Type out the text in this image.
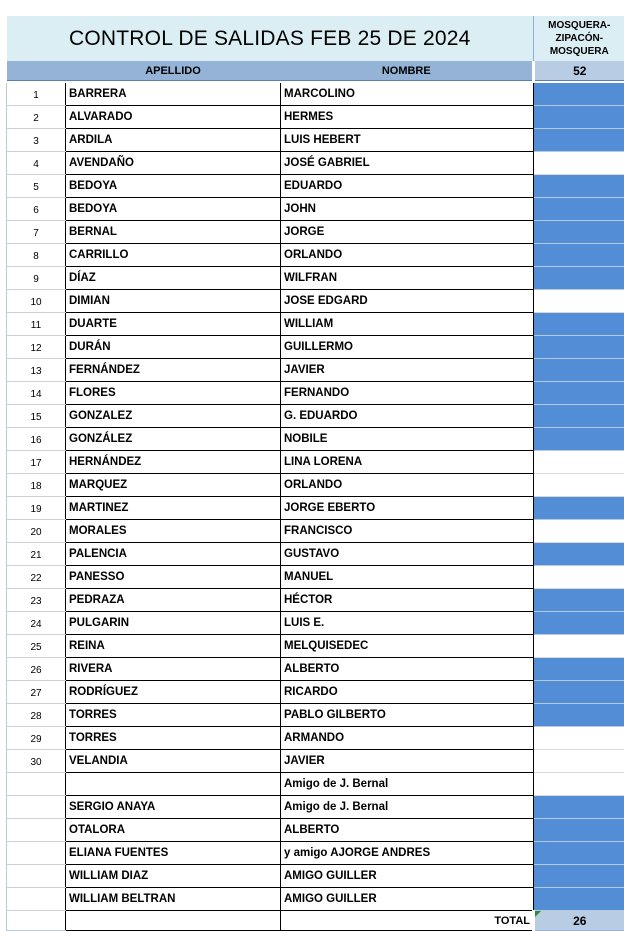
CONTROL DE SALIDAS FEB 25 DE 2024			MOSQUERA-
ZIPACÓN-
MOSQUERA

	APELLIDO	NOMBRE	52

1	BARRERA	MARCOLINO	
2	ALVARADO	HERMES	
3	ARDILA	LUIS HEBERT	
4	AVENDAÑO	JOSÉ GABRIEL	
5	BEDOYA	EDUARDO	
6	BEDOYA	JOHN	
7	BERNAL	JORGE	
8	CARRILLO	ORLANDO	
9	DÍAZ	WILFRAN	
10	DIMIAN	JOSE EDGARD	
11	DUARTE	WILLIAM	
12	DURÁN	GUILLERMO	
13	FERNÁNDEZ	JAVIER	
14	FLORES	FERNANDO	
15	GONZALEZ	G. EDUARDO	
16	GONZÁLEZ	NOBILE	
17	HERNÁNDEZ	LINA LORENA	
18	MARQUEZ	ORLANDO	
19	MARTINEZ	JORGE EBERTO	
20	MORALES	FRANCISCO	
21	PALENCIA	GUSTAVO	
22	PANESSO	MANUEL	
23	PEDRAZA	HÉCTOR	
24	PULGARIN	LUIS E.	
25	REINA	MELQUISEDEC	
26	RIVERA	ALBERTO	
27	RODRÍGUEZ	RICARDO	
28	TORRES	PABLO GILBERTO	
29	TORRES	ARMANDO	
30	VELANDIA	JAVIER	
		Amigo de J. Bernal	
	SERGIO ANAYA	Amigo de J. Bernal	
	OTALORA	ALBERTO	
	ELIANA FUENTES	y amigo AJORGE ANDRES	
	WILLIAM DIAZ	AMIGO GUILLER	
	WILLIAM BELTRAN	AMIGO GUILLER	
		TOTAL	26
